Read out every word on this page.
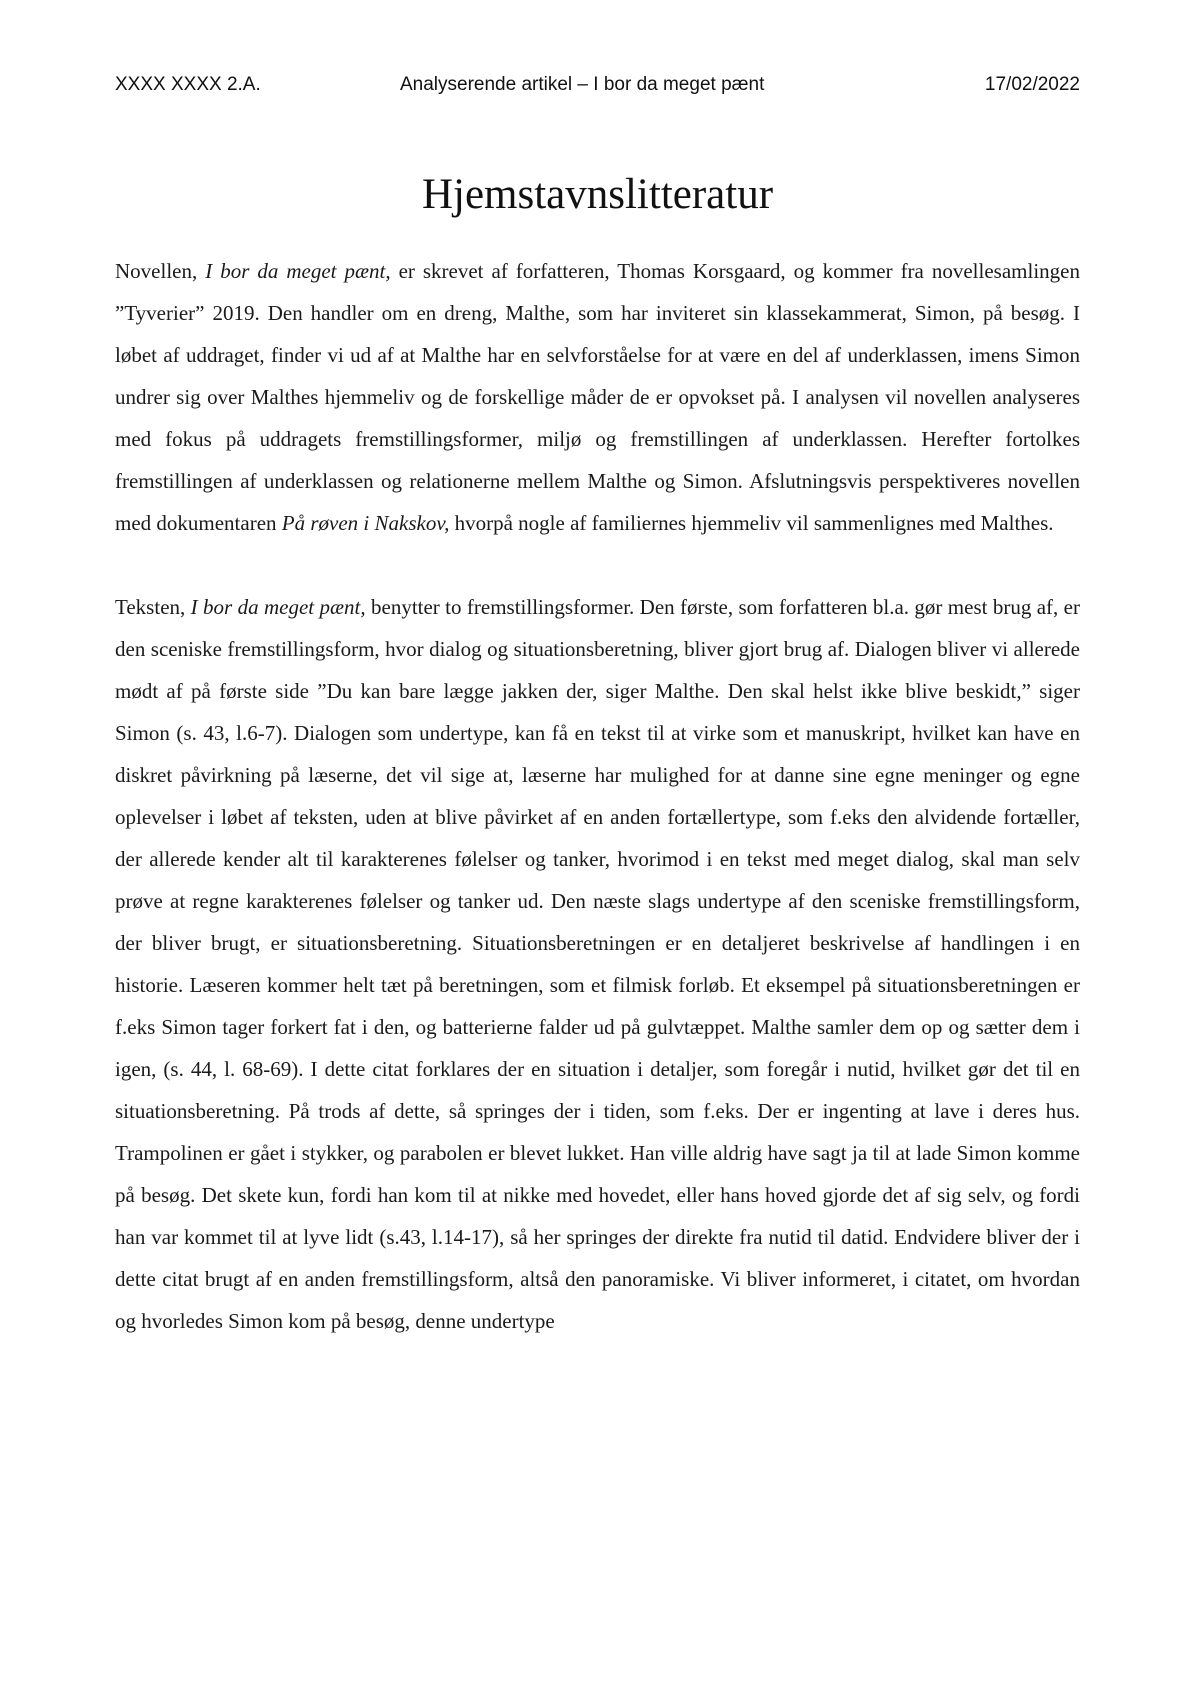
XXXX XXXX 2.A.	Analyserende artikel – I bor da meget pænt	17/02/2022
Hjemstavnslitteratur

Novellen, I bor da meget pænt, er skrevet af forfatteren, Thomas Korsgaard, og kommer fra novellesamlingen ”Tyverier” 2019. Den handler om en dreng, Malthe, som har inviteret sin klassekammerat, Simon, på besøg. I løbet af uddraget, finder vi ud af at Malthe har en selvforståelse for at være en del af underklassen, imens Simon undrer sig over Malthes hjemmeliv og de forskellige måder de er opvokset på. I analysen vil novellen analyseres med fokus på uddragets fremstillingsformer, miljø og fremstillingen af underklassen. Herefter fortolkes fremstillingen af underklassen og relationerne mellem Malthe og Simon. Afslutningsvis perspektiveres novellen med dokumentaren På røven i Nakskov, hvorpå nogle af familiernes hjemmeliv vil sammenlignes med Malthes.

Teksten, I bor da meget pænt, benytter to fremstillingsformer. Den første, som forfatteren bl.a. gør mest brug af, er den sceniske fremstillingsform, hvor dialog og situationsberetning, bliver gjort brug af. Dialogen bliver vi allerede mødt af på første side ”Du kan bare lægge jakken der, siger Malthe. Den skal helst ikke blive beskidt,” siger Simon (s. 43, l.6-7). Dialogen som undertype, kan få en tekst til at virke som et manuskript, hvilket kan have en diskret påvirkning på læserne, det vil sige at, læserne har mulighed for at danne sine egne meninger og egne oplevelser i løbet af teksten, uden at blive påvirket af en anden fortællertype, som f.eks den alvidende fortæller, der allerede kender alt til karakterenes følelser og tanker, hvorimod i en tekst med meget dialog, skal man selv prøve at regne karakterenes følelser og tanker ud. Den næste slags undertype af den sceniske fremstillingsform, der bliver brugt, er situationsberetning. Situationsberetningen er en detaljeret beskrivelse af handlingen i en historie. Læseren kommer helt tæt på beretningen, som et filmisk forløb. Et eksempel på situationsberetningen er f.eks Simon tager forkert fat i den, og batterierne falder ud på gulvtæppet. Malthe samler dem op og sætter dem i igen, (s. 44, l. 68-69). I dette citat forklares der en situation i detaljer, som foregår i nutid, hvilket gør det til en situationsberetning. På trods af dette, så springes der i tiden, som f.eks. Der er ingenting at lave i deres hus. Trampolinen er gået i stykker, og parabolen er blevet lukket. Han ville aldrig have sagt ja til at lade Simon komme på besøg. Det skete kun, fordi han kom til at nikke med hovedet, eller hans hoved gjorde det af sig selv, og fordi han var kommet til at lyve lidt (s.43, l.14-17), så her springes der direkte fra nutid til datid. Endvidere bliver der i dette citat brugt af en anden fremstillingsform, altså den panoramiske. Vi bliver informeret, i citatet, om hvordan og hvorledes Simon kom på besøg, denne undertype
